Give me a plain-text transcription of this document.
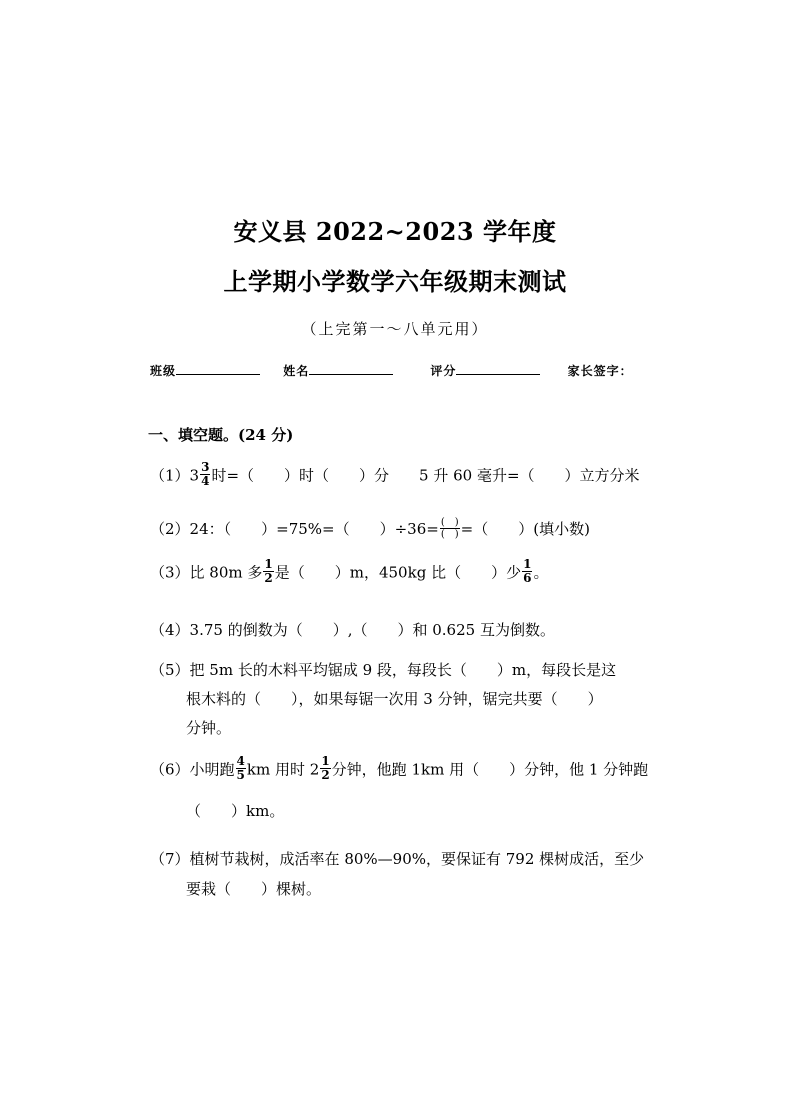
安义县 2022~2023 学年度
上学期小学数学六年级期末测试
（上完第一～八单元用）
班级	姓名	评分	家长签字：
一、填空题。(24 分)
$(1)3 \frac{3}{4}$ 时=（　　）时（　　）分　　5 升 60 毫升=（　　）立方分米
（2）24：（　　）=75%=（　　）$\div 36= \frac{( )}{( )}$ =（　　）(填小数)
（3）比 80m 多 $\frac{1}{2}$ 是（　　）m，450kg 比（　　）少 $\frac{1}{6}$ 。
（4）3.75 的倒数为（　　）,（　　）和 0.625 互为倒数。
（5）把 5m 长的木料平均锯成 9 段，每段长（　　）m，每段长是这
根木料的（　　），如果每锯一次用 3 分钟，锯完共要（　　）
分钟。
（6）小明跑 $\frac{4}{5}$ km 用时 $2 \frac{1}{2}$ 分钟，他跑 1km 用（　　）分钟，他 1 分钟跑
（　　）km。
（7）植树节栽树，成活率在 80%—90%，要保证有 792 棵树成活，至少
要栽（　　）棵树。
